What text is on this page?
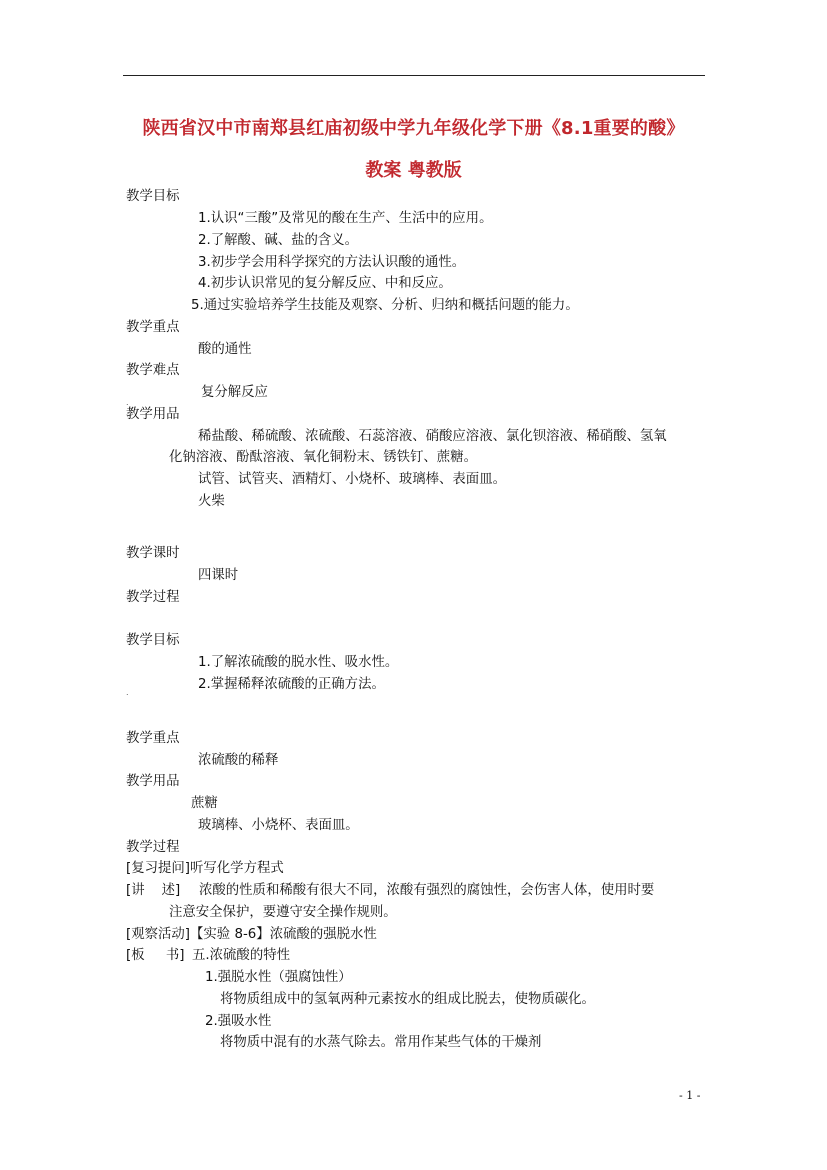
陕西省汉中市南郑县红庙初级中学九年级化学下册《8.1重要的酸》
教案 粤教版
教学目标
1.认识“三酸”及常见的酸在生产、生活中的应用。
2.了解酸、碱、盐的含义。
3.初步学会用科学探究的方法认识酸的通性。
4.初步认识常见的复分解反应、中和反应。
5.通过实验培养学生技能及观察、分析、归纳和概括问题的能力。
教学重点
酸的通性
教学难点
复分解反应
.
教学用品
稀盐酸、稀硫酸、浓硫酸、石蕊溶液、硝酸应溶液、氯化钡溶液、稀硝酸、氢氧
化钠溶液、酚酞溶液、氧化铜粉末、锈铁钉、蔗糖。
试管、试管夹、酒精灯、小烧杯、玻璃棒、表面皿。
火柴
教学课时
四课时
教学过程
教学目标
1.了解浓硫酸的脱水性、吸水性。
2.掌握稀释浓硫酸的正确方法。
.
教学重点
浓硫酸的稀释
教学用品
蔗糖
玻璃棒、小烧杯、表面皿。
教学过程
[复习提问]听写化学方程式
[讲    述] 浓酸的性质和稀酸有很大不同，浓酸有强烈的腐蚀性，会伤害人体，使用时要
注意安全保护，要遵守安全操作规则。
[观察活动]【实验 8-6】浓硫酸的强脱水性
[板     书] 五.浓硫酸的特性
1.强脱水性（强腐蚀性）
将物质组成中的氢氧两种元素按水的组成比脱去，使物质碳化。
2.强吸水性
将物质中混有的水蒸气除去。常用作某些气体的干燥剂
- 1 -
